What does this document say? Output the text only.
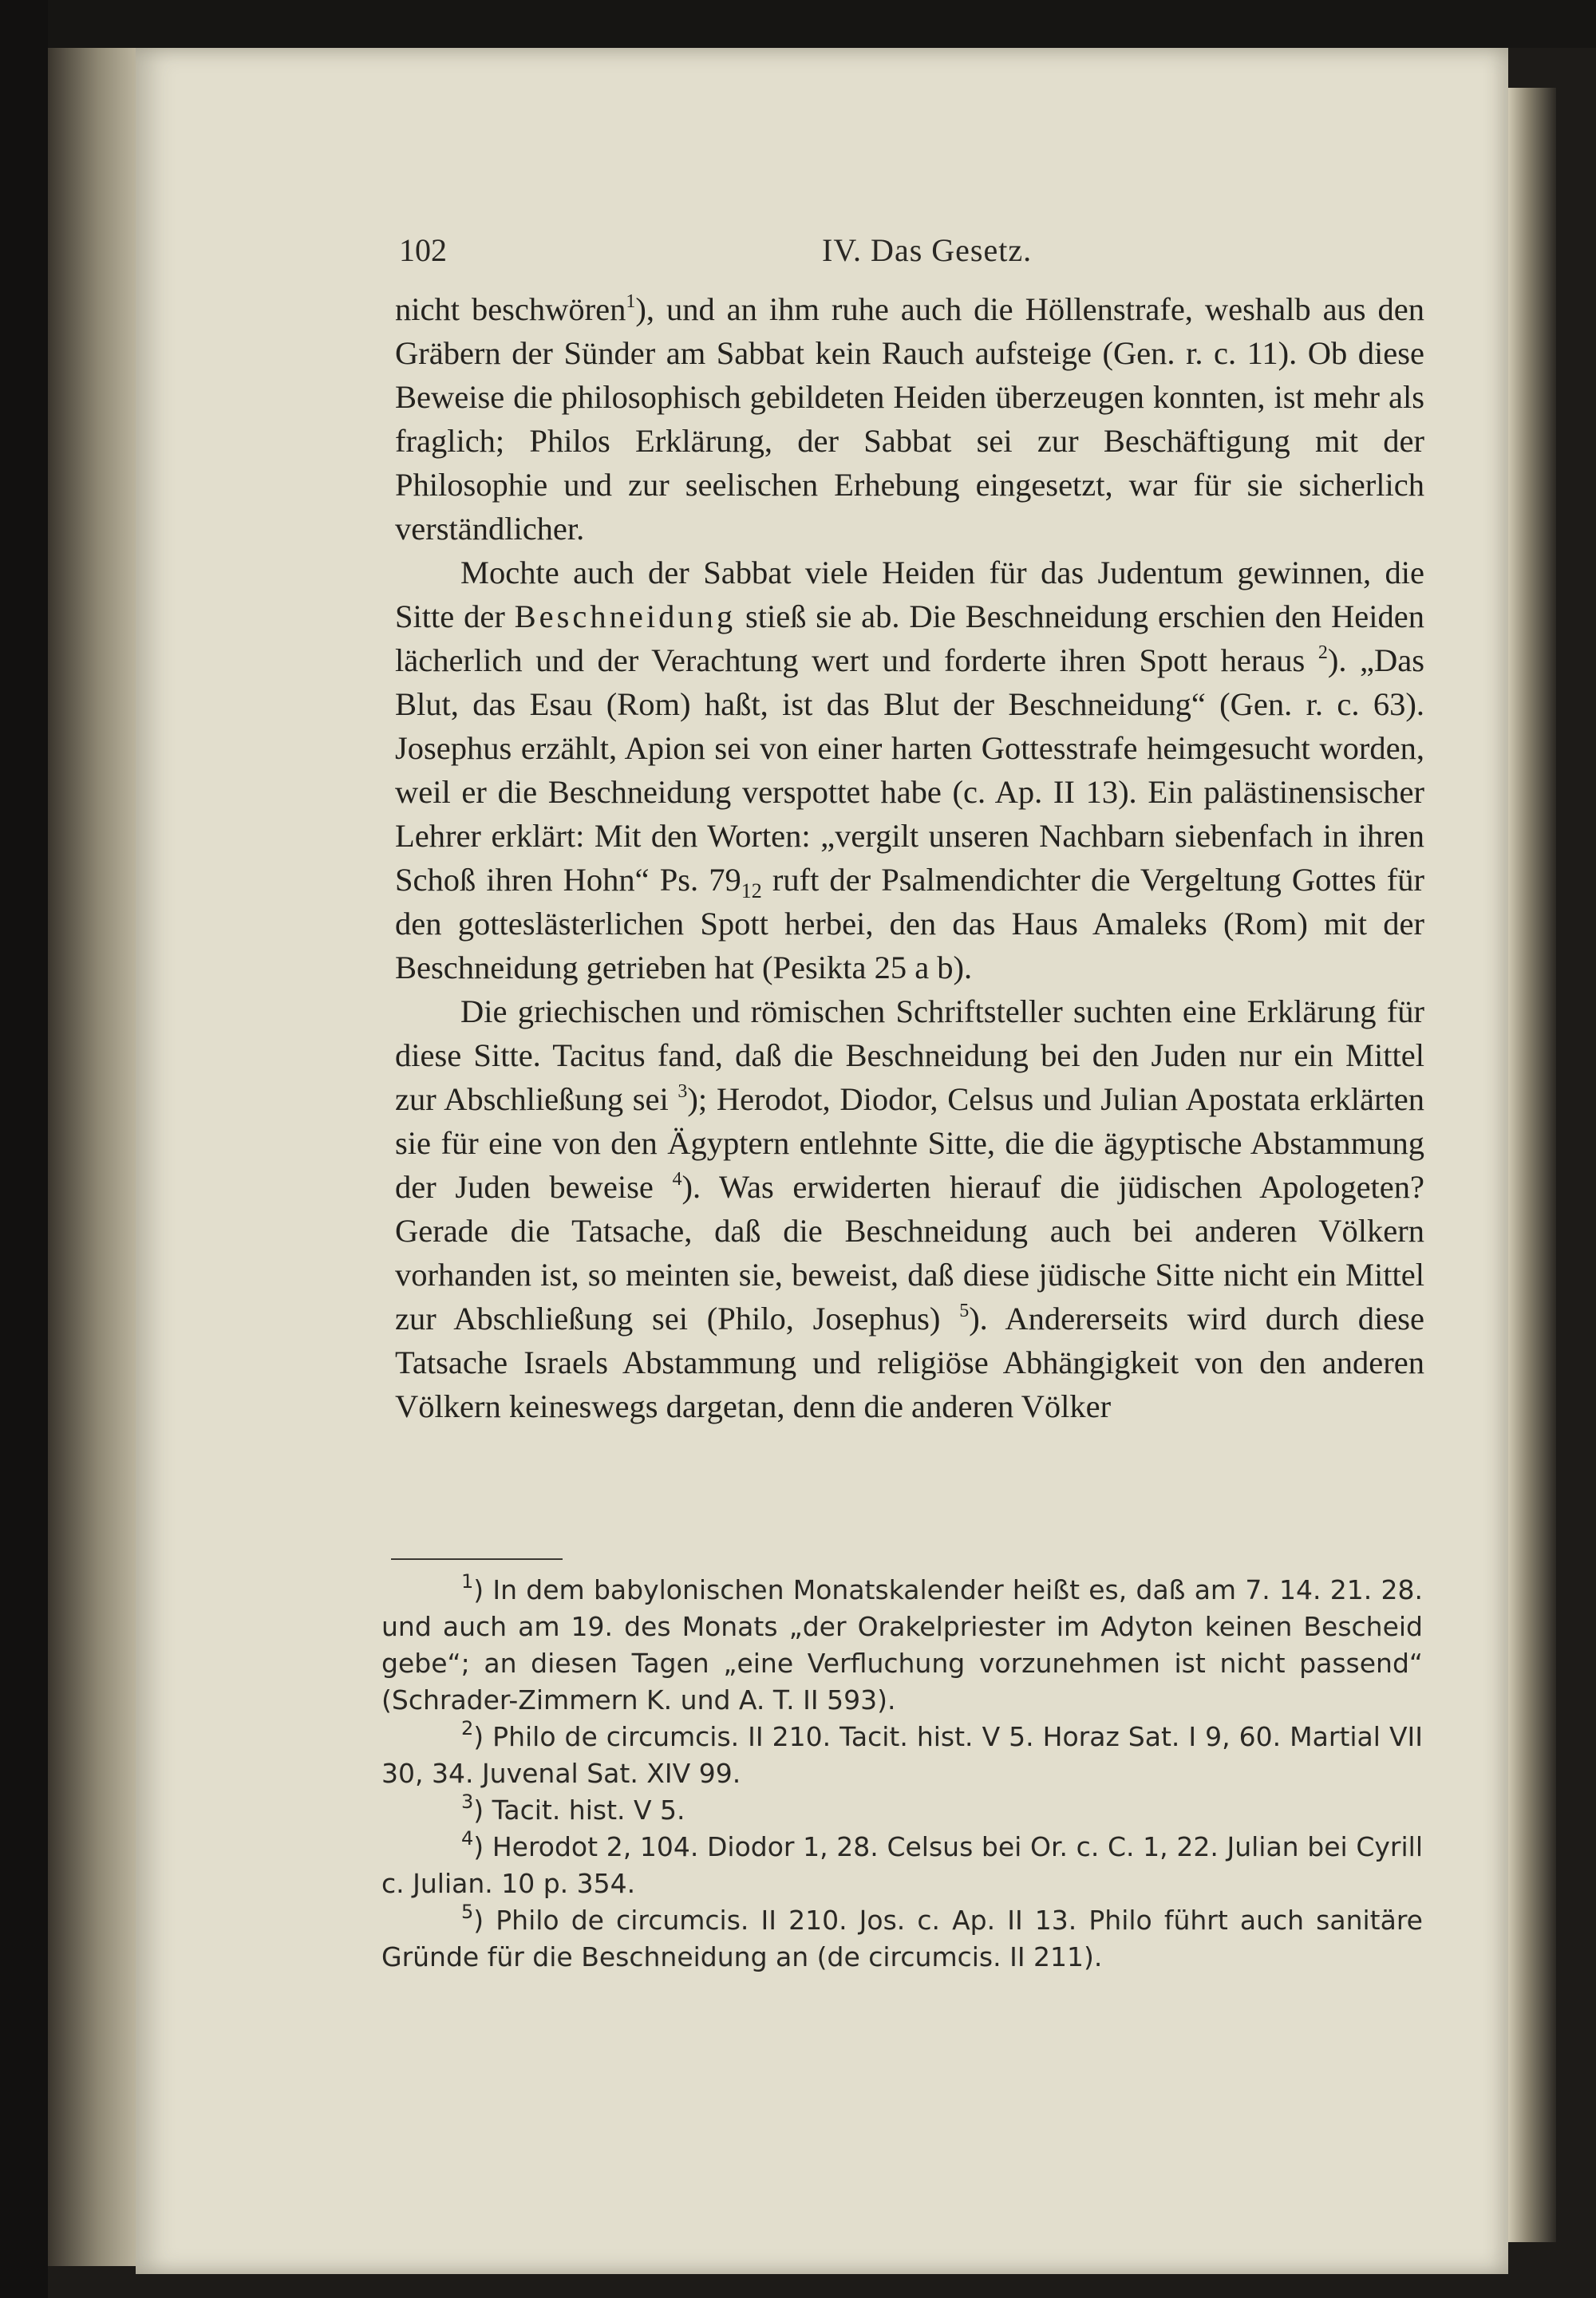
102	IV. Das Gesetz.

nicht beschwören$^1$), und an ihm ruhe auch die Höllenstrafe, weshalb aus den Gräbern der Sünder am Sabbat kein Rauch aufsteige (Gen. r. c. 11). Ob diese Beweise die philosophisch gebildeten Heiden überzeugen konnten, ist mehr als fraglich; Philos Erklärung, der Sabbat sei zur Beschäftigung mit der Philosophie und zur seelischen Erhebung eingesetzt, war für sie sicherlich verständlicher.

Mochte auch der Sabbat viele Heiden für das Judentum gewinnen, die Sitte der Beschneidung stieß sie ab. Die Beschneidung erschien den Heiden lächerlich und der Verachtung wert und forderte ihren Spott heraus $^2$). „Das Blut, das Esau (Rom) haßt, ist das Blut der Beschneidung“ (Gen. r. c. 63). Josephus erzählt, Apion sei von einer harten Gottesstrafe heimgesucht worden, weil er die Beschneidung verspottet habe (c. Ap. II 13). Ein palästinensischer Lehrer erklärt: Mit den Worten: „vergilt unseren Nachbarn siebenfach in ihren Schoß ihren Hohn“ Ps. $79_{12}$ ruft der Psalmendichter die Vergeltung Gottes für den gotteslästerlichen Spott herbei, den das Haus Amaleks (Rom) mit der Beschneidung getrieben hat (Pesikta 25 a b).

Die griechischen und römischen Schriftsteller suchten eine Erklärung für diese Sitte. Tacitus fand, daß die Beschneidung bei den Juden nur ein Mittel zur Abschließung sei $^3$); Herodot, Diodor, Celsus und Julian Apostata erklärten sie für eine von den Ägyptern entlehnte Sitte, die die ägyptische Abstammung der Juden beweise $^4$). Was erwiderten hierauf die jüdischen Apologeten? Gerade die Tatsache, daß die Beschneidung auch bei anderen Völkern vorhanden ist, so meinten sie, beweist, daß diese jüdische Sitte nicht ein Mittel zur Abschließung sei (Philo, Josephus) $^5$). Andererseits wird durch diese Tatsache Israels Abstammung und religiöse Abhängigkeit von den anderen Völkern keineswegs dargetan, denn die anderen Völker

$^1$) In dem babylonischen Monatskalender heißt es, daß am 7. 14. 21. 28. und auch am 19. des Monats „der Orakelpriester im Adyton keinen Bescheid gebe“; an diesen Tagen „eine Verfluchung vorzunehmen ist nicht passend“ (Schrader-Zimmern K. und A. T. II 593).

$^2$) Philo de circumcis. II 210. Tacit. hist. V 5. Horaz Sat. I 9, 60. Martial VII 30, 34. Juvenal Sat. XIV 99.

$^3$) Tacit. hist. V 5.

$^4$) Herodot 2, 104. Diodor 1, 28. Celsus bei Or. c. C. 1, 22. Julian bei Cyrill c. Julian. 10 p. 354.

$^5$) Philo de circumcis. II 210. Jos. c. Ap. II 13. Philo führt auch sanitäre Gründe für die Beschneidung an (de circumcis. II 211).
